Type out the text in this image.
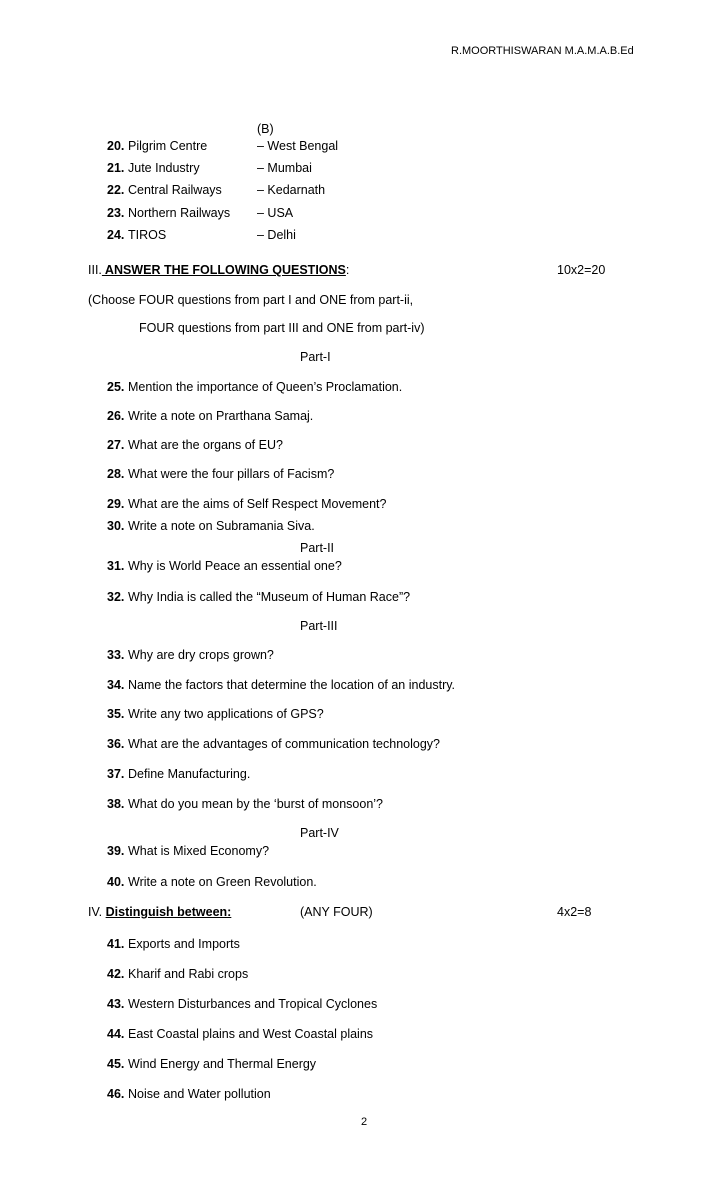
R.MOORTHISWARAN M.A.M.A.B.Ed
(B)
20. Pilgrim Centre	– West Bengal
21. Jute Industry	– Mumbai
22. Central Railways	– Kedarnath
23. Northern Railways – USA
24. TIROS	– Delhi
III. ANSWER THE FOLLOWING QUESTIONS:	10x2=20
(Choose FOUR questions from part I and ONE from part-ii,
FOUR questions from part III and ONE from part-iv)
Part-I
25. Mention the importance of Queen’s Proclamation.
26. Write a note on Prarthana Samaj.
27. What are the organs of EU?
28. What were the four pillars of Facism?
29. What are the aims of Self Respect Movement?
30. Write a note on Subramania Siva.
Part-II
31. Why is World Peace an essential one?
32. Why India is called the “Museum of Human Race”?
Part-III
33. Why are dry crops grown?
34. Name the factors that determine the location of an industry.
35. Write any two applications of GPS?
36. What are the advantages of communication technology?
37. Define Manufacturing.
38. What do you mean by the ‘burst of monsoon’?
Part-IV
39. What is Mixed Economy?
40. Write a note on Green Revolution.
IV. Distinguish between:	(ANY FOUR)	4x2=8
41. Exports and Imports
42. Kharif and Rabi crops
43. Western Disturbances and Tropical Cyclones
44. East Coastal plains and West Coastal plains
45. Wind Energy and Thermal Energy
46. Noise and Water pollution
2
